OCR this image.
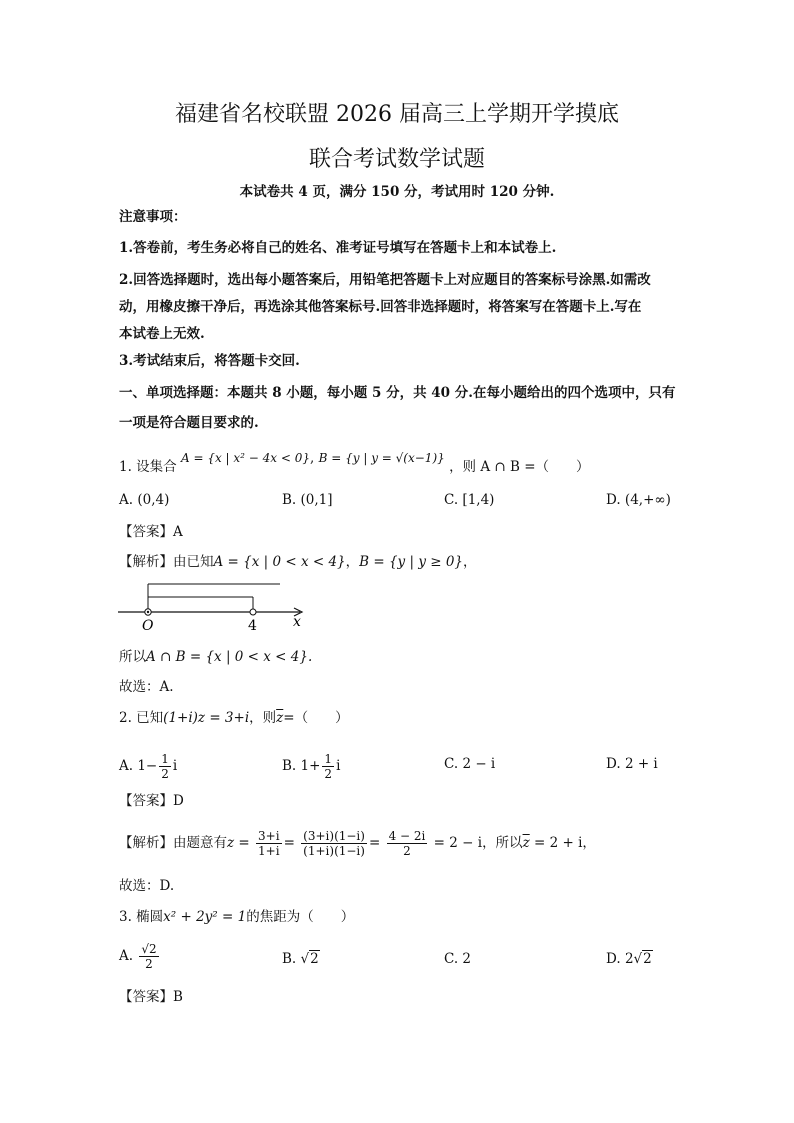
福建省名校联盟 2026 届高三上学期开学摸底
联合考试数学试题
本试卷共 4 页，满分 150 分，考试用时 120 分钟.
注意事项：
1.答卷前，考生务必将自己的姓名、准考证号填写在答题卡上和本试卷上.
2.回答选择题时，选出每小题答案后，用铅笔把答题卡上对应题目的答案标号涂黑.如需改
动，用橡皮擦干净后，再选涂其他答案标号.回答非选择题时，将答案写在答题卡上.写在
本试卷上无效.
3.考试结束后，将答题卡交回.
一、单项选择题：本题共 8 小题，每小题 5 分，共 40 分.在每小题给出的四个选项中，只有
一项是符合题目要求的.
1. 设集合 A = {x | x² − 4x < 0}, B = {y | y = √(x−1)} ，则 A ∩ B =（　　）
A. (0,4)	B. (0,1]	C. [1,4)	D. (4,+∞)
【答案】A
【解析】由已知A = {x | 0 < x < 4}，B = {y | y ≥ 0}，
O	4	x
所以A ∩ B = {x | 0 < x < 4}.
故选：A.
2. 已知(1+i)z = 3+i，则$\overline{z}=$（　　）
A. $1- \frac{1}{2}$ i	B. $1+ \frac{1}{2}$ i	C. 2 − i	D. 2 + i
【答案】D
【解析】由题意有$z = \frac{3+i}{1+i} = \frac{(3+i)(1-i)}{(1+i)(1-i)} = \frac{4 - 2i}{2} = 2 - i$，所以$\overline{z} = 2 + i$，
故选：D.
3. 椭圆x² + 2y² = 1的焦距为（　　）
A. $\frac{√2}{2}$	B. √2	C. 2	D. 2√2
【答案】B
